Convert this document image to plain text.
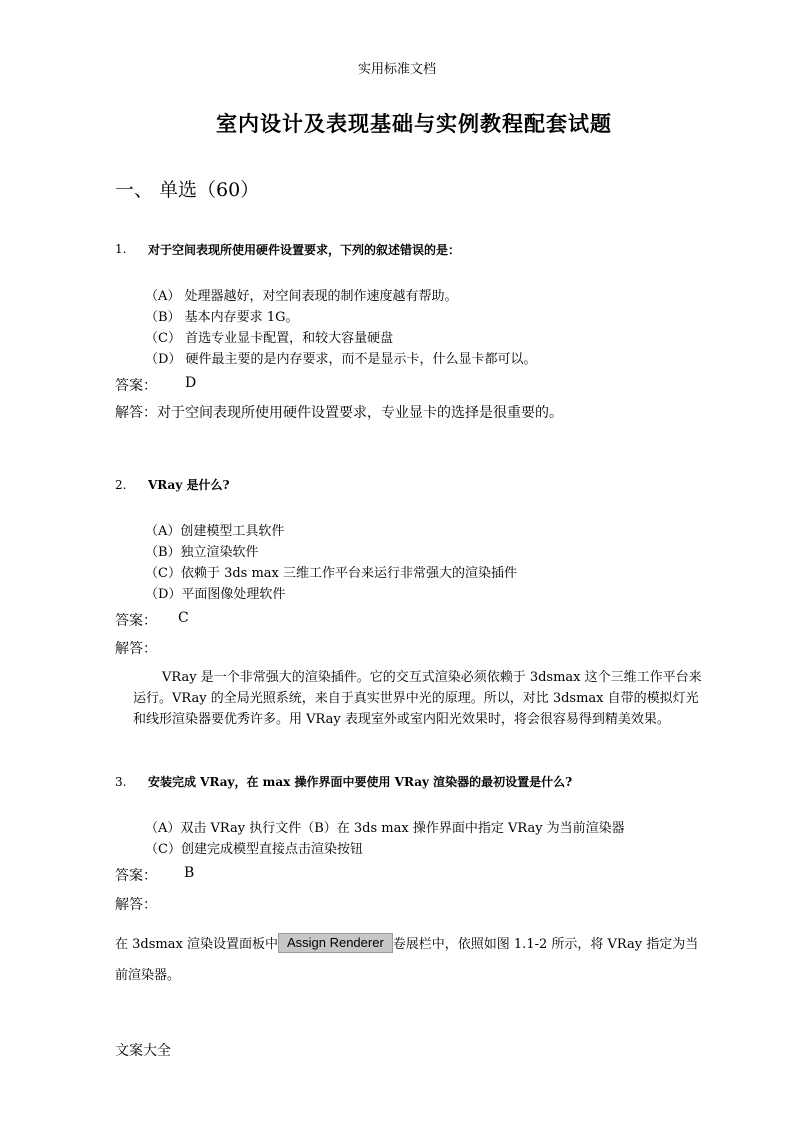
实用标准文档
室内设计及表现基础与实例教程配套试题
一、 单选（60）
1. 对于空间表现所使用硬件设置要求，下列的叙述错误的是：
（A） 处理器越好，对空间表现的制作速度越有帮助。
（B） 基本内存要求 1G。
（C） 首选专业显卡配置，和较大容量硬盘
（D） 硬件最主要的是内存要求，而不是显示卡，什么显卡都可以。
答案： D
解答：对于空间表现所使用硬件设置要求，专业显卡的选择是很重要的。
2. VRay 是什么?
（A）创建模型工具软件
（B）独立渲染软件
（C）依赖于 3ds max 三维工作平台来运行非常强大的渲染插件
（D）平面图像处理软件
答案： C
解答：
VRay 是一个非常强大的渲染插件。它的交互式渲染必须依赖于 3dsmax 这个三维工作平台来
运行。VRay 的全局光照系统，来自于真实世界中光的原理。所以，对比 3dsmax 自带的模拟灯光
和线形渲染器要优秀许多。用 VRay 表现室外或室内阳光效果时，将会很容易得到精美效果。
3. 安装完成 VRay，在 max 操作界面中要使用 VRay 渲染器的最初设置是什么?
（A）双击 VRay 执行文件（B）在 3ds max 操作界面中指定 VRay 为当前渲染器
（C）创建完成模型直接点击渲染按钮
答案： B
解答：
在 3dsmax 渲染设置面板中 Assign Renderer 卷展栏中，依照如图 1.1-2 所示，将 VRay 指定为当
前渲染器。
文案大全
